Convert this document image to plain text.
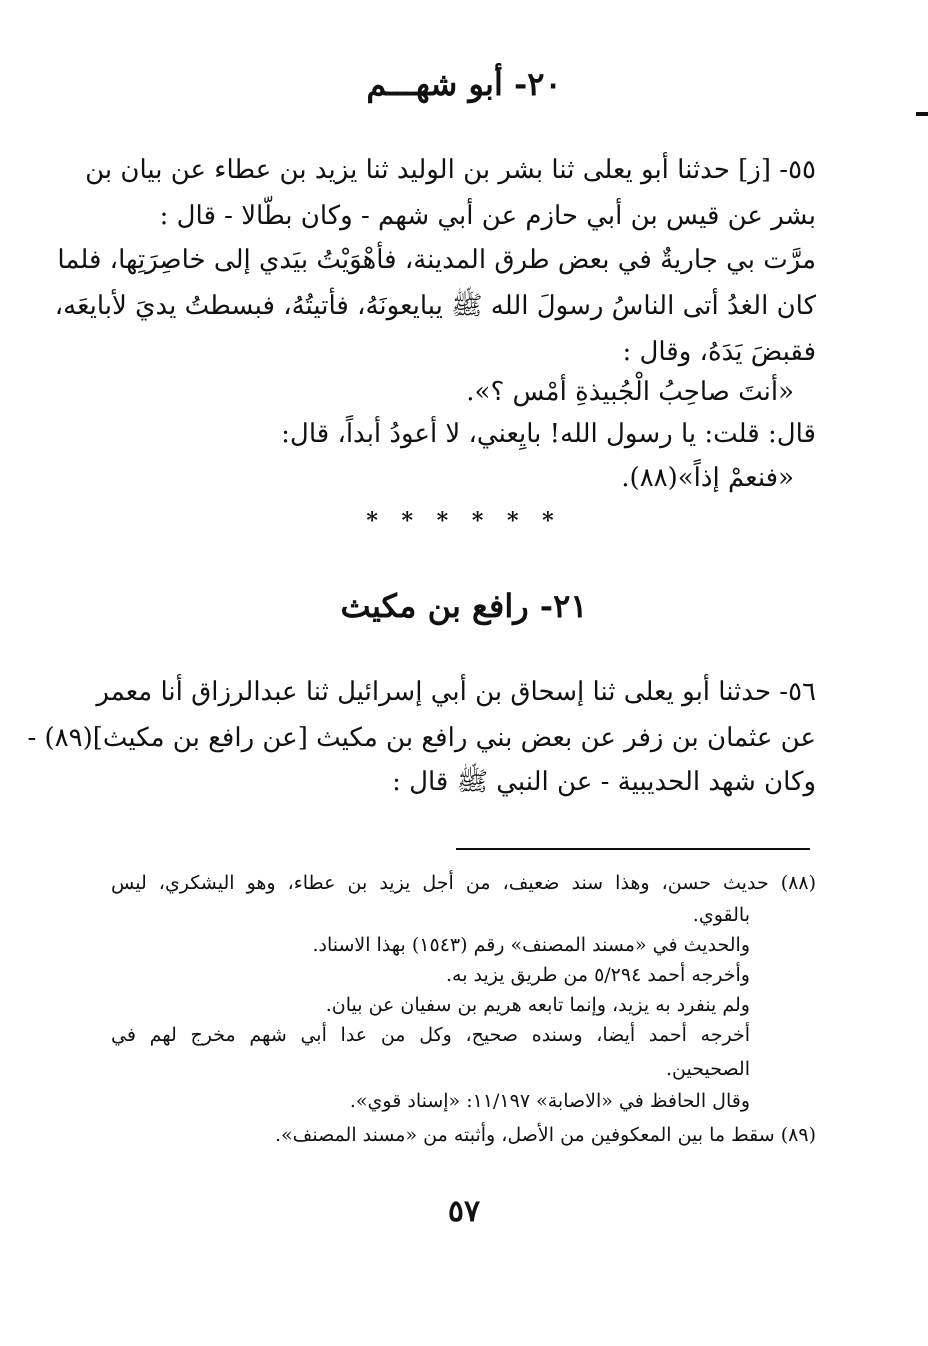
٢٠- أبو شهـــم
٥٥- [ز] حدثنا أبو يعلى ثنا بشر بن الوليد ثنا يزيد بن عطاء عن بيان بن
بشر عن قيس بن أبي حازم عن أبي شهم - وكان بطّالا - قال :
مرَّت بي جاريةٌ في بعض طرق المدينة، فأهْوَيْتُ بيَدي إلى خاصِرَتِها، فلما
كان الغدُ أتى الناسُ رسولَ الله ﷺ يبايعونَهُ، فأتيتُهُ، فبسطتُ يديَ لأبايعَه،
فقبضَ يَدَهُ، وقال :
«أنتَ صاحِبُ الْجُبيذةِ أمْس ؟».
قال: قلت: يا رسول الله! بايِعني، لا أعودُ أبداً، قال:
«فنعمْ إذاً»(٨٨).
* * * * * *
٢١- رافع بن مكيث
٥٦- حدثنا أبو يعلى ثنا إسحاق بن أبي إسرائيل ثنا عبدالرزاق أنا معمر
عن عثمان بن زفر عن بعض بني رافع بن مكيث [عن رافع بن مكيث](٨٩) -
وكان شهد الحديبية - عن النبي ﷺ قال :
(٨٨) حديث حسن، وهذا سند ضعيف، من أجل يزيد بن عطاء، وهو اليشكري، ليس
بالقوي.
والحديث في «مسند المصنف» رقم (١٥٤٣) بهذا الاسناد.
وأخرجه أحمد ٥/٢٩٤ من طريق يزيد به.
ولم ينفرد به يزيد، وإنما تابعه هريم بن سفيان عن بيان.
أخرجه أحمد أيضا، وسنده صحيح، وكل من عدا أبي شهم مخرج لهم في
الصحيحين.
وقال الحافظ في «الاصابة» ١١/١٩٧: «إسناد قوي».
(٨٩) سقط ما بين المعكوفين من الأصل، وأثبته من «مسند المصنف».
٥٧
